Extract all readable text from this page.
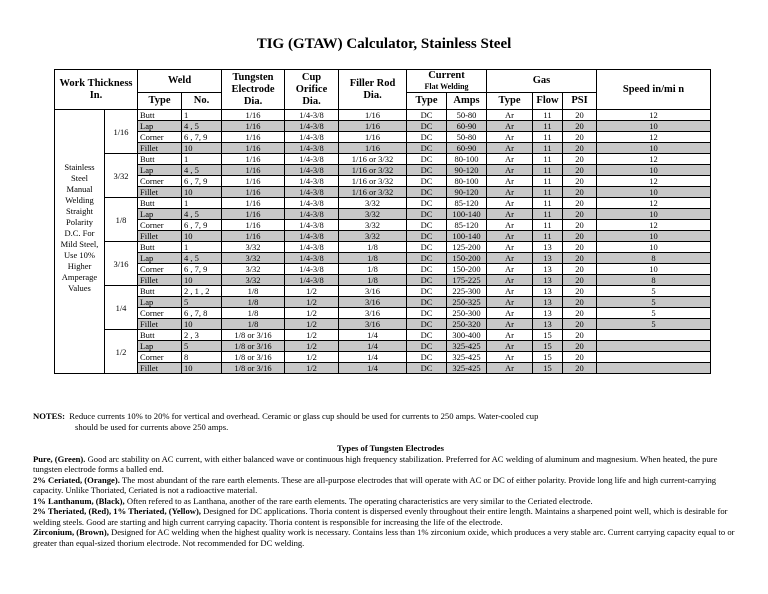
TIG (GTAW) Calculator, Stainless Steel
Work Thickness In.		Weld		Tungsten Electrode Dia.	Cup Orifice Dia.	Filler Rod Dia.	Current
Flat Welding		Gas			Speed in/mi n	
		Type	No.				Type	Amps	Type	Flow	PSI		
Stainless Steel Manual Welding Straight Polarity D.C. For Mild Steel, Use 10% Higher Amperage Values	1/16	Butt	1	1/16	1/4-3/8	1/16	DC	50-80	Ar	11	20	12	
		Lap	4 , 5	1/16	1/4-3/8	1/16	DC	60-90	Ar	11	20	10	
		Corner	6 , 7, 9	1/16	1/4-3/8	1/16	DC	50-80	Ar	11	20	12	
		Fillet	10	1/16	1/4-3/8	1/16	DC	60-90	Ar	11	20	10	
	3/32	Butt	1	1/16	1/4-3/8	1/16 or 3/32	DC	80-100	Ar	11	20	12	
		Lap	4 , 5	1/16	1/4-3/8	1/16 or 3/32	DC	90-120	Ar	11	20	10	
		Corner	6 , 7, 9	1/16	1/4-3/8	1/16 or 3/32	DC	80-100	Ar	11	20	12	
		Fillet	10	1/16	1/4-3/8	1/16 or 3/32	DC	90-120	Ar	11	20	10	
	1/8	Butt	1	1/16	1/4-3/8	3/32	DC	85-120	Ar	11	20	12	
		Lap	4 , 5	1/16	1/4-3/8	3/32	DC	100-140	Ar	11	20	10	
		Corner	6 , 7, 9	1/16	1/4-3/8	3/32	DC	85-120	Ar	11	20	12	
		Fillet	10	1/16	1/4-3/8	3/32	DC	100-140	Ar	11	20	10	
	3/16	Butt	1	3/32	1/4-3/8	1/8	DC	125-200	Ar	13	20	10	
		Lap	4 , 5	3/32	1/4-3/8	1/8	DC	150-200	Ar	13	20	8	
		Corner	6 , 7, 9	3/32	1/4-3/8	1/8	DC	150-200	Ar	13	20	10	
		Fillet	10	3/32	1/4-3/8	1/8	DC	175-225	Ar	13	20	8	
	1/4	Butt	2 , 1 , 2	1/8	1/2	3/16	DC	225-300	Ar	13	20	5	
		Lap	5	1/8	1/2	3/16	DC	250-325	Ar	13	20	5	
		Corner	6 , 7, 8	1/8	1/2	3/16	DC	250-300	Ar	13	20	5	
		Fillet	10	1/8	1/2	3/16	DC	250-320	Ar	13	20	5	
	1/2	Butt	2 , 3	1/8 or 3/16	1/2	1/4	DC	300-400	Ar	15	20		
		Lap	5	1/8 or 3/16	1/2	1/4	DC	325-425	Ar	15	20		
		Corner	8	1/8 or 3/16	1/2	1/4	DC	325-425	Ar	15	20		
		Fillet	10	1/8 or 3/16	1/2	1/4	DC	325-425	Ar	15	20		

NOTES: Reduce currents 10% to 20% for vertical and overhead. Ceramic or glass cup should be used for currents to 250 amps. Water-cooled cup

should be used for currents above 250 amps.

Types of Tungsten Electrodes

Pure, (Green). Good arc stability on AC current, with either balanced wave or continuous high frequency stabilization. Preferred for AC welding of aluminum and magnesium. When heated, the pure tungsten electrode forms a balled end.

2% Ceriated, (Orange). The most abundant of the rare earth elements. These are all-purpose electrodes that will operate with AC or DC of either polarity. Provide long life and high current-carrying capacity. Unlike Thoriated, Ceriated is not a radioactive material.

1% Lanthanum, (Black), Often refered to as Lanthana, another of the rare earth elements. The operating characteristics are very similar to the Ceriated electrode.

2% Theriated, (Red), 1% Theriated, (Yellow), Designed for DC applications. Thoria content is dispersed evenly throughout their entire length. Maintains a sharpened point well, which is desirable for welding steels. Good are starting and high current carrying capacity. Thoria content is responsible for increasing the life of the electrode.

Zirconium, (Brown), Designed for AC welding when the highest quality work is necessary. Contains less than 1% zirconium oxide, which produces a very stable arc. Current carrying capacity equal to or greater than equal-sized thorium electrode. Not recommended for DC welding.
